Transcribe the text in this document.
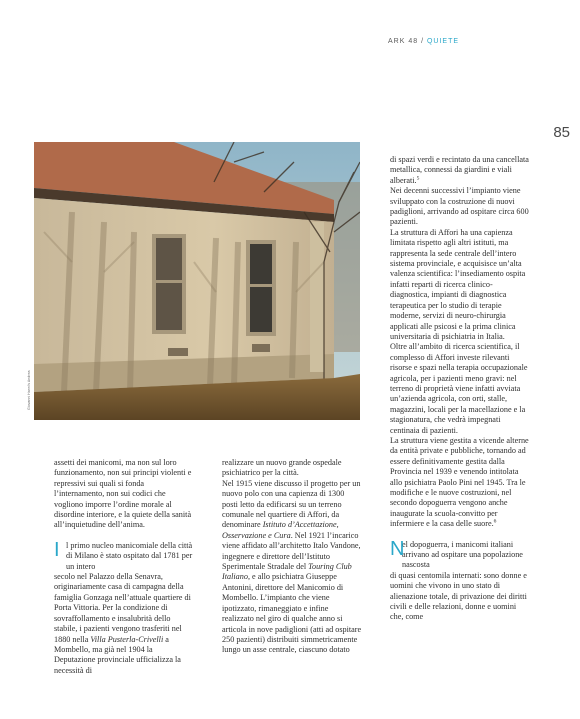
ARK 48 / QUIETE
85
Giovanni Hanni's Andrea

assetti dei manicomi, ma non sul loro funzionamento, non sui principi violenti e repressivi sui quali si fonda l’internamento, non sui codici che vogliono imporre l’ordine morale al disordine interiore, e la quiete della sanità all’inquietudine dell’anima.

I l primo nucleo manicomiale della città di Milano è stato ospitato dal 1781 per un intero

secolo nel Palazzo della Senavra, originariamente casa di campagna della famiglia Gonzaga nell’attuale quartiere di Porta Vittoria. Per la condizione di sovraffollamento e insalubrità dello stabile, i pazienti vengono trasferiti nel 1880 nella Villa Pusterla-Crivelli a Mombello, ma già nel 1904 la Deputazione provinciale ufficializza la necessità di

realizzare un nuovo grande ospedale psichiatrico per la città.

Nel 1915 viene discusso il progetto per un nuovo polo con una capienza di 1300 posti letto da edificarsi su un terreno comunale nel quartiere di Affori, da denominare Istituto d’Accettazione, Osservazione e Cura. Nel 1921 l’incarico viene affidato all’architetto Italo Vandone, ingegnere e direttore dell’Istituto Sperimentale Stradale del Touring Club Italiano, e allo psichiatra Giuseppe Antonini, direttore del Manicomio di Mombello. L’impianto che viene ipotizzato, rimaneggiato e infine realizzato nel giro di qualche anno si articola in nove padiglioni (atti ad ospitare 250 pazienti) distribuiti simmetricamente lungo un asse centrale, ciascuno dotato

di spazi verdi e recintato da una cancellata metallica, connessi da giardini e viali alberati.$^5$

Nei decenni successivi l’impianto viene sviluppato con la costruzione di nuovi padiglioni, arrivando ad ospitare circa 600 pazienti.

La struttura di Affori ha una capienza limitata rispetto agli altri istituti, ma rappresenta la sede centrale dell’intero sistema provinciale, e acquisisce un’alta valenza scientifica: l’insediamento ospita infatti reparti di ricerca clinico-diagnostica, impianti di diagnostica terapeutica per lo studio di terapie moderne, servizi di neuro-chirurgia applicati alle psicosi e la prima clinica universitaria di psichiatria in Italia.

Oltre all’ambito di ricerca scientifica, il complesso di Affori investe rilevanti risorse e spazi nella terapia occupazionale agricola, per i pazienti meno gravi: nel terreno di proprietà viene infatti avviata un’azienda agricola, con orti, stalle, magazzini, locali per la macellazione e la stagionatura, che vedrà impegnati centinaia di pazienti.

La struttura viene gestita a vicende alterne da entità private e pubbliche, tornando ad essere definitivamente gestita dalla Provincia nel 1939 e venendo intitolata allo psichiatra Paolo Pini nel 1945. Tra le modifiche e le nuove costruzioni, nel secondo dopoguerra vengono anche inaugurate la scuola-convitto per infermiere e la casa delle suore.$^6$

N

el dopoguerra, i manicomi italiani arrivano ad ospitare una popolazione nascosta

di quasi centomila internati: sono donne e uomini che vivono in uno stato di alienazione totale, di privazione dei diritti civili e delle relazioni, donne e uomini che, come
